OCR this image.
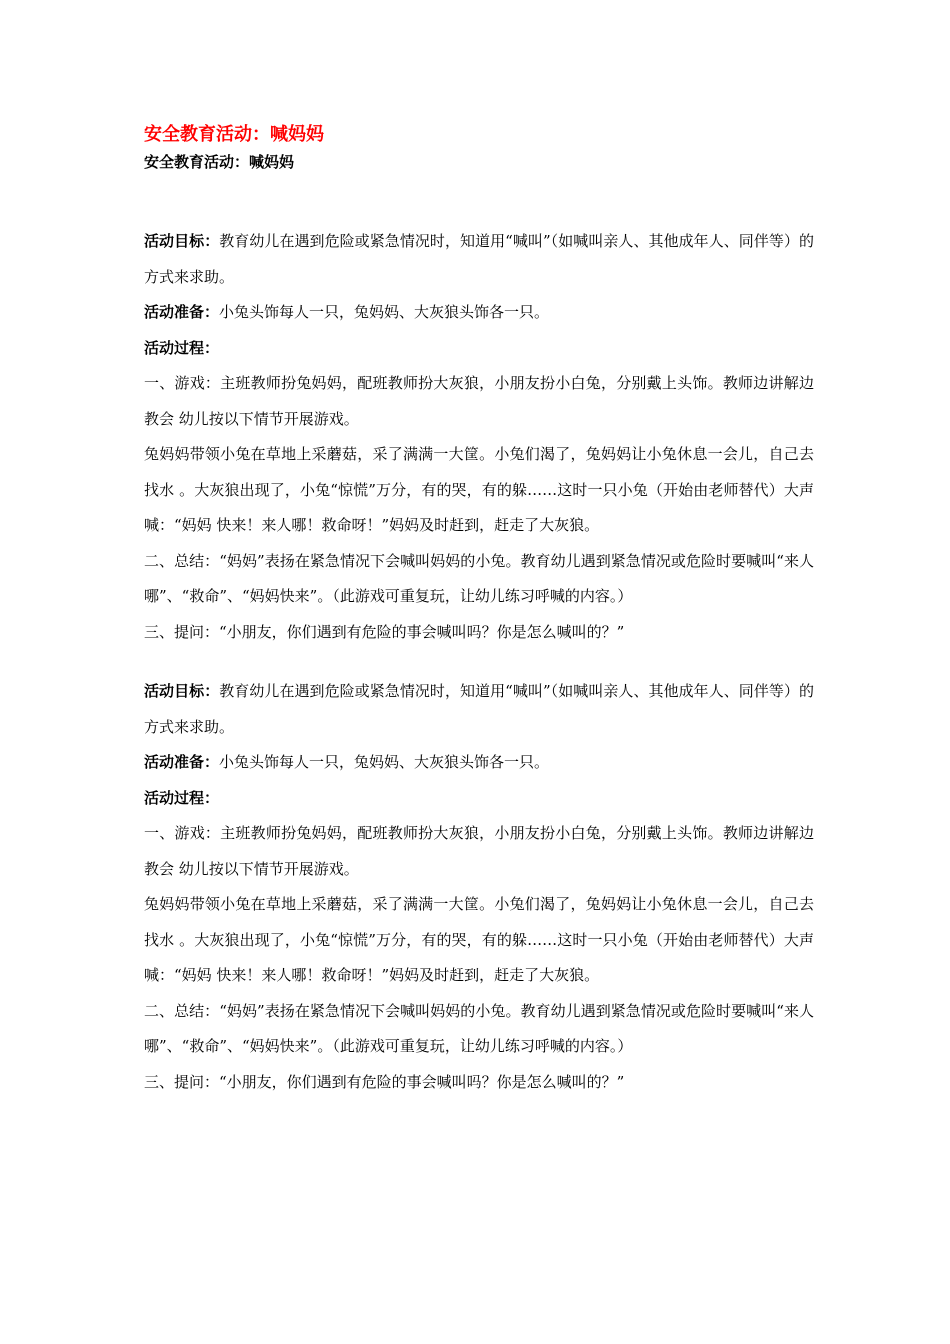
安全教育活动：喊妈妈
安全教育活动：喊妈妈

活动目标：教育幼儿在遇到危险或紧急情况时，知道用“喊叫”（如喊叫亲人、其他成年人、同伴等）的方式来求助。

活动准备：小兔头饰每人一只，兔妈妈、大灰狼头饰各一只。

活动过程：

一、游戏：主班教师扮兔妈妈，配班教师扮大灰狼，小朋友扮小白兔，分别戴上头饰。教师边讲解边教会 幼儿按以下情节开展游戏。

兔妈妈带领小兔在草地上采蘑菇，采了满满一大筐。小兔们渴了，兔妈妈让小兔休息一会儿，自己去找水 。大灰狼出现了，小兔“惊慌”万分，有的哭，有的躲……这时一只小兔（开始由老师替代）大声喊：“妈妈 快来！来人哪！救命呀！”妈妈及时赶到，赶走了大灰狼。

二、总结：“妈妈”表扬在紧急情况下会喊叫妈妈的小兔。教育幼儿遇到紧急情况或危险时要喊叫“来人 哪”、“救命”、“妈妈快来”。（此游戏可重复玩，让幼儿练习呼喊的内容。）

三、提问：“小朋友，你们遇到有危险的事会喊叫吗？你是怎么喊叫的？”

活动目标：教育幼儿在遇到危险或紧急情况时，知道用“喊叫”（如喊叫亲人、其他成年人、同伴等）的方式来求助。

活动准备：小兔头饰每人一只，兔妈妈、大灰狼头饰各一只。

活动过程：

一、游戏：主班教师扮兔妈妈，配班教师扮大灰狼，小朋友扮小白兔，分别戴上头饰。教师边讲解边教会 幼儿按以下情节开展游戏。

兔妈妈带领小兔在草地上采蘑菇，采了满满一大筐。小兔们渴了，兔妈妈让小兔休息一会儿，自己去找水 。大灰狼出现了，小兔“惊慌”万分，有的哭，有的躲……这时一只小兔（开始由老师替代）大声喊：“妈妈 快来！来人哪！救命呀！”妈妈及时赶到，赶走了大灰狼。

二、总结：“妈妈”表扬在紧急情况下会喊叫妈妈的小兔。教育幼儿遇到紧急情况或危险时要喊叫“来人 哪”、“救命”、“妈妈快来”。（此游戏可重复玩，让幼儿练习呼喊的内容。）

三、提问：“小朋友，你们遇到有危险的事会喊叫吗？你是怎么喊叫的？”
